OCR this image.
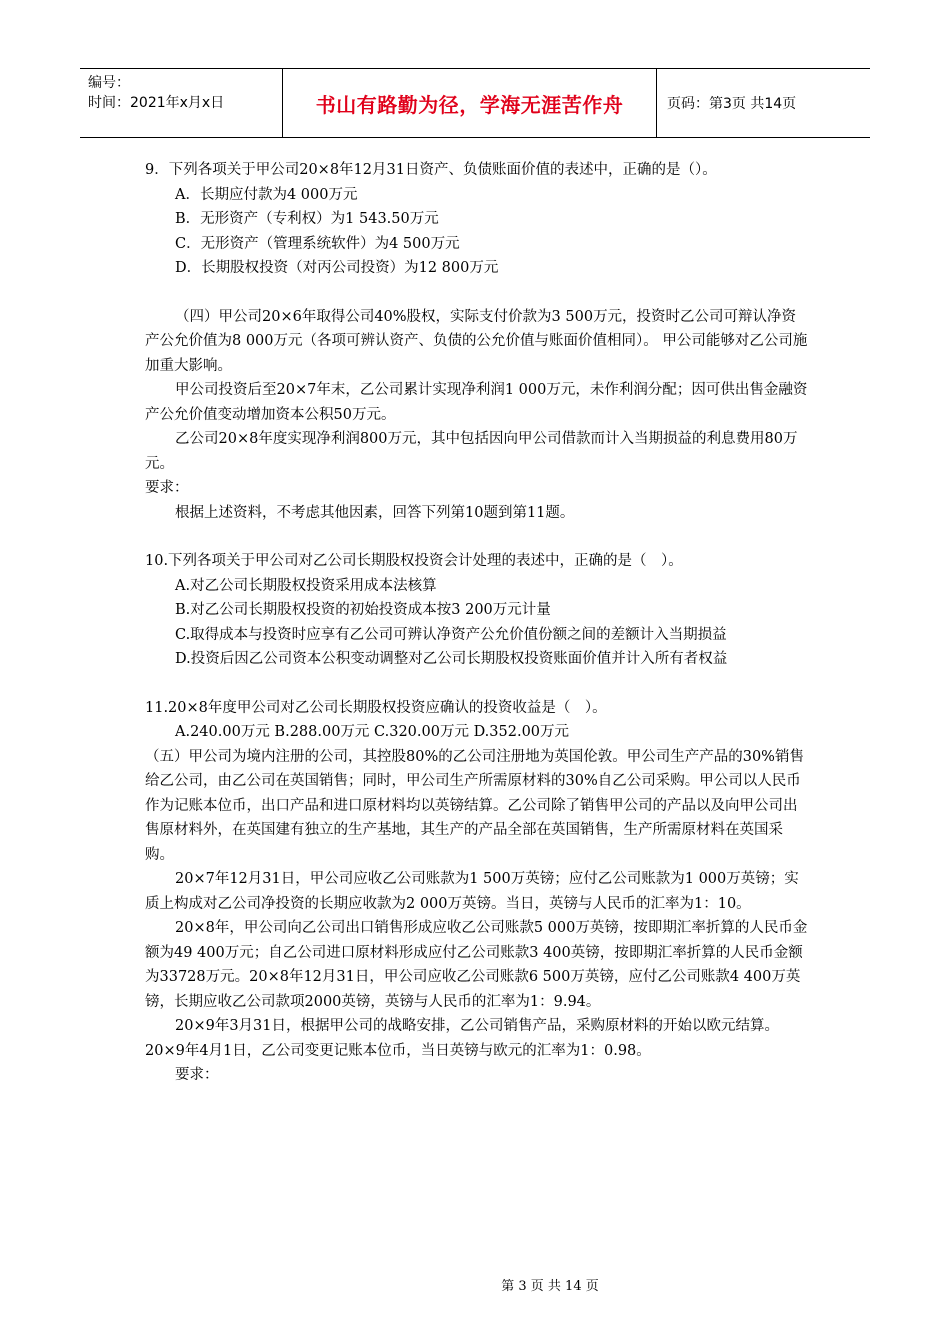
编号：
时间：2021年x月x日	书山有路勤为径，学海无涯苦作舟	页码：第3页 共14页

9．下列各项关于甲公司20×8年12月31日资产、负债账面价值的表述中，正确的是（）。

A．长期应付款为4 000万元

B．无形资产（专利权）为1 543.50万元

C．无形资产（管理系统软件）为4 500万元

D．长期股权投资（对丙公司投资）为12 800万元

（四）甲公司20×6年取得公司40%股权，实际支付价款为3 500万元，投资时乙公司可辩认净资产公允价值为8 000万元（各项可辨认资产、负债的公允价值与账面价值相同）。 甲公司能够对乙公司施加重大影响。

甲公司投资后至20×7年末，乙公司累计实现净利润1 000万元，未作利润分配；因可供出售金融资产公允价值变动增加资本公积50万元。

乙公司20×8年度实现净利润800万元，其中包括因向甲公司借款而计入当期损益的利息费用80万元。

要求：

根据上述资料，不考虑其他因素，回答下列第10题到第11题。

10.下列各项关于甲公司对乙公司长期股权投资会计处理的表述中，正确的是（　）。

A.对乙公司长期股权投资采用成本法核算

B.对乙公司长期股权投资的初始投资成本按3 200万元计量

C.取得成本与投资时应享有乙公司可辨认净资产公允价值份额之间的差额计入当期损益

D.投资后因乙公司资本公积变动调整对乙公司长期股权投资账面价值并计入所有者权益

11.20×8年度甲公司对乙公司长期股权投资应确认的投资收益是（　）。

A.240.00万元 B.288.00万元 C.320.00万元 D.352.00万元

（五）甲公司为境内注册的公司，其控股80%的乙公司注册地为英国伦敦。甲公司生产产品的30%销售给乙公司，由乙公司在英国销售；同时，甲公司生产所需原材料的30%自乙公司采购。甲公司以人民币作为记账本位币，出口产品和进口原材料均以英镑结算。乙公司除了销售甲公司的产品以及向甲公司出售原材料外，在英国建有独立的生产基地，其生产的产品全部在英国销售，生产所需原材料在英国采购。

20×7年12月31日，甲公司应收乙公司账款为1 500万英镑；应付乙公司账款为1 000万英镑；实质上构成对乙公司净投资的长期应收款为2 000万英镑。当日，英镑与人民币的汇率为1：10。

20×8年，甲公司向乙公司出口销售形成应收乙公司账款5 000万英镑，按即期汇率折算的人民币金额为49 400万元；自乙公司进口原材料形成应付乙公司账款3 400英镑，按即期汇率折算的人民币金额为33728万元。20×8年12月31日，甲公司应收乙公司账款6 500万英镑，应付乙公司账款4 400万英镑，长期应收乙公司款项2000英镑，英镑与人民币的汇率为1：9.94。

20×9年3月31日，根据甲公司的战略安排，乙公司销售产品，采购原材料的开始以欧元结算。20×9年4月1日，乙公司变更记账本位币，当日英镑与欧元的汇率为1：0.98。

要求：

第 3 页 共 14 页
